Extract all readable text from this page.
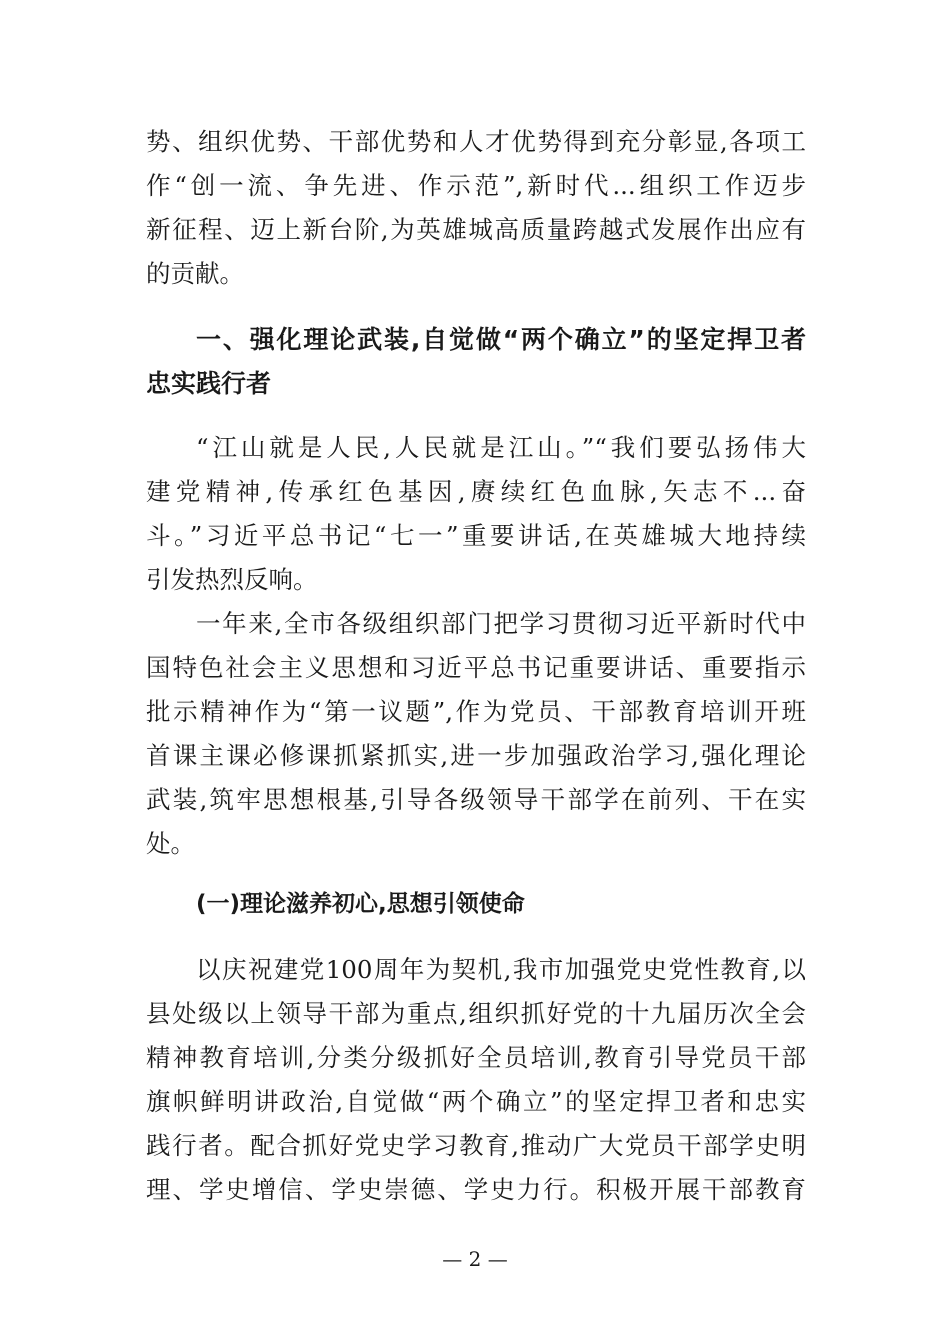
势、组织优势、干部优势和人才优势得到充分彰显,各项工
作“创一流、争先进、作示范”,新时代...组织工作迈步
新征程、迈上新台阶,为英雄城高质量跨越式发展作出应有
的贡献。
一、强化理论武装,自觉做“两个确立”的坚定捍卫者
忠实践行者
“江山就是人民,人民就是江山。”“我们要弘扬伟大
建党精神,传承红色基因,赓续红色血脉,矢志不...奋
斗。”习近平总书记“七一”重要讲话,在英雄城大地持续
引发热烈反响。
一年来,全市各级组织部门把学习贯彻习近平新时代中
国特色社会主义思想和习近平总书记重要讲话、重要指示
批示精神作为“第一议题”,作为党员、干部教育培训开班
首课主课必修课抓紧抓实,进一步加强政治学习,强化理论
武装,筑牢思想根基,引导各级领导干部学在前列、干在实
处。
(一)理论滋养初心,思想引领使命
以庆祝建党100周年为契机,我市加强党史党性教育,以
县处级以上领导干部为重点,组织抓好党的十九届历次全会
精神教育培训,分类分级抓好全员培训,教育引导党员干部
旗帜鲜明讲政治,自觉做“两个确立”的坚定捍卫者和忠实
践行者。配合抓好党史学习教育,推动广大党员干部学史明
理、学史增信、学史崇德、学史力行。积极开展干部教育
— 2 —
